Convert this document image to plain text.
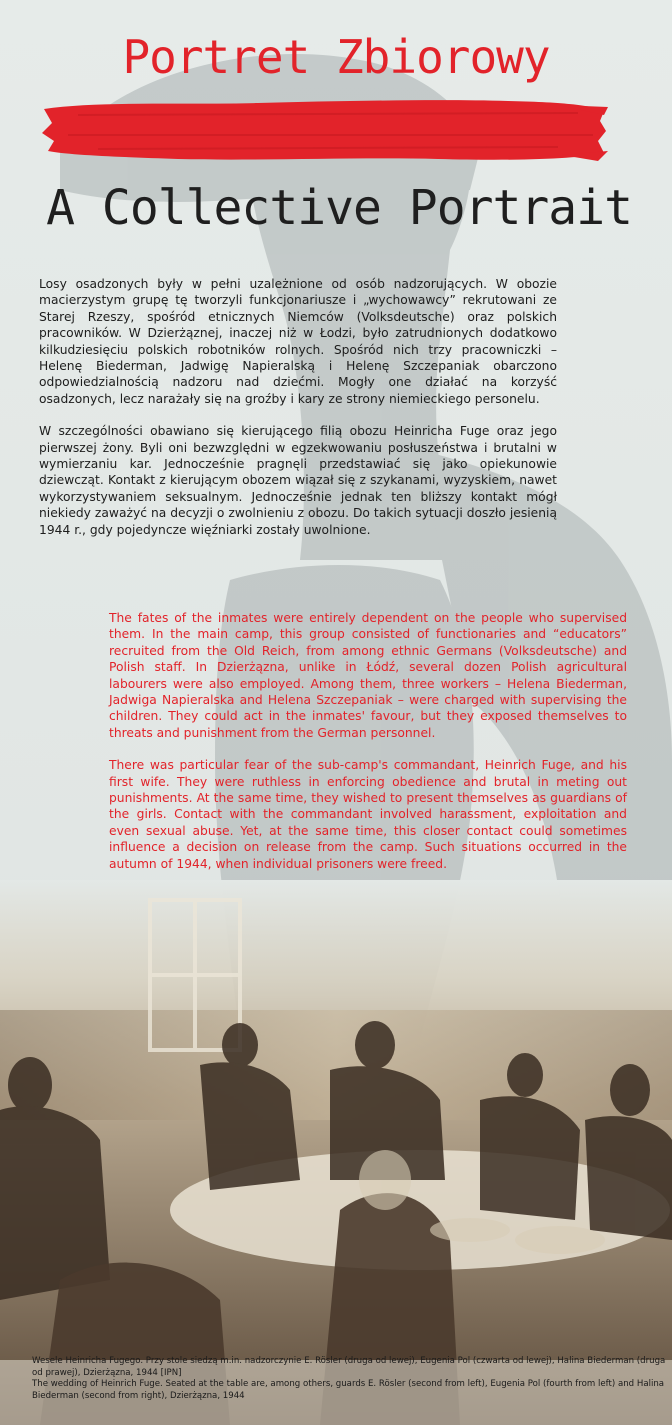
Portret Zbiorowy
A Collective Portrait

Losy osadzonych były w pełni uzależnione od osób nadzorujących. W obozie macierzystym grupę tę tworzyli funkcjonariusze i „wychowawcy” rekrutowani ze Starej Rzeszy, spośród etnicznych Niemców (Volksdeutsche) oraz polskich pracowników. W Dzierżąznej, inaczej niż w Łodzi, było zatrudnionych dodatkowo kilkudziesięciu polskich robotników rolnych. Spośród nich trzy pracowniczki – Helenę Biederman, Jadwigę Napieralską i Helenę Szczepaniak obarczono odpowiedzialnością nadzoru nad dziećmi. Mogły one działać na korzyść osadzonych, lecz narażały się na groźby i kary ze strony niemieckiego personelu.

W szczególności obawiano się kierującego filią obozu Heinricha Fuge oraz jego pierwszej żony. Byli oni bezwzględni w egzekwowaniu posłuszeństwa i brutalni w wymierzaniu kar. Jednocześnie pragnęli przedstawiać się jako opiekunowie dziewcząt. Kontakt z kierującym obozem wiązał się z szykanami, wyzyskiem, nawet wykorzystywaniem seksualnym. Jednocześnie jednak ten bliższy kontakt mógł niekiedy zaważyć na decyzji o zwolnieniu z obozu. Do takich sytuacji doszło jesienią 1944 r., gdy pojedyncze więźniarki zostały uwolnione.

The fates of the inmates were entirely dependent on the people who supervised them. In the main camp, this group consisted of functionaries and “educators” recruited from the Old Reich, from among ethnic Germans (Volksdeutsche) and Polish staff. In Dzierżązna, unlike in Łódź, several dozen Polish agricultural labourers were also employed. Among them, three workers – Helena Biederman, Jadwiga Napieralska and Helena Szczepaniak – were charged with supervising the children. They could act in the inmates' favour, but they exposed themselves to threats and punishment from the German personnel.

There was particular fear of the sub-camp's commandant, Heinrich Fuge, and his first wife. They were ruthless in enforcing obedience and brutal in meting out punishments. At the same time, they wished to present themselves as guardians of the girls. Contact with the commandant involved harassment, exploitation and even sexual abuse. Yet, at the same time, this closer contact could sometimes influence a decision on release from the camp. Such situations occurred in the autumn of 1944, when individual prisoners were freed.

Wesele Heinricha Fugego. Przy stole siedzą m.in. nadzorczynie E. Rösler (druga od lewej), Eugenia Pol (czwarta od lewej), Halina Biederman (druga od prawej), Dzierżązna, 1944 [IPN]
The wedding of Heinrich Fuge. Seated at the table are, among others, guards E. Rösler (second from left), Eugenia Pol (fourth from left) and Halina Biederman (second from right), Dzierżązna, 1944
